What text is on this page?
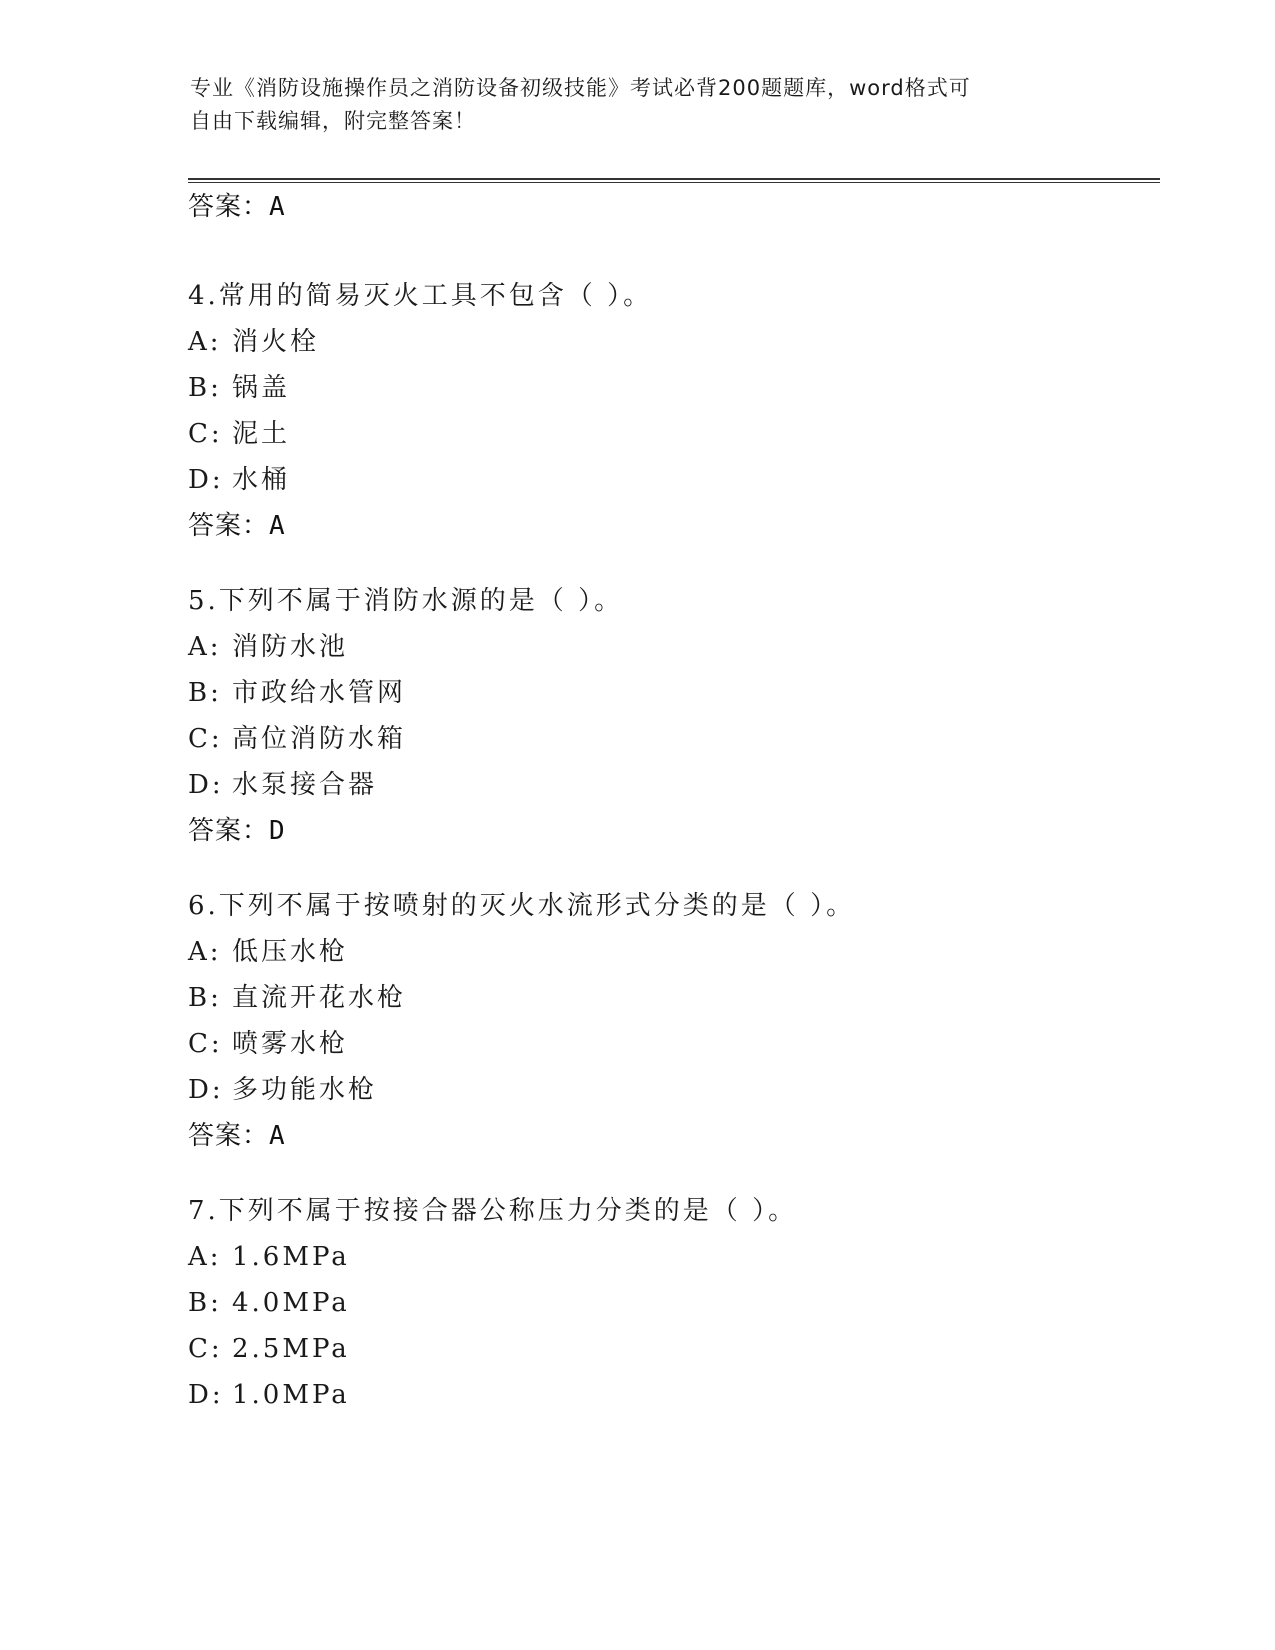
专业《消防设施操作员之消防设备初级技能》考试必背200题题库，word格式可
自由下载编辑，附完整答案！
答案：A
4.常用的简易灭火工具不包含（ ）。
A: 消火栓
B: 锅盖
C: 泥土
D: 水桶
答案：A
5.下列不属于消防水源的是（ ）。
A: 消防水池
B: 市政给水管网
C: 高位消防水箱
D: 水泵接合器
答案：D
6.下列不属于按喷射的灭火水流形式分类的是（ ）。
A: 低压水枪
B: 直流开花水枪
C: 喷雾水枪
D: 多功能水枪
答案：A
7.下列不属于按接合器公称压力分类的是（ ）。
A: 1.6MPa
B: 4.0MPa
C: 2.5MPa
D: 1.0MPa
